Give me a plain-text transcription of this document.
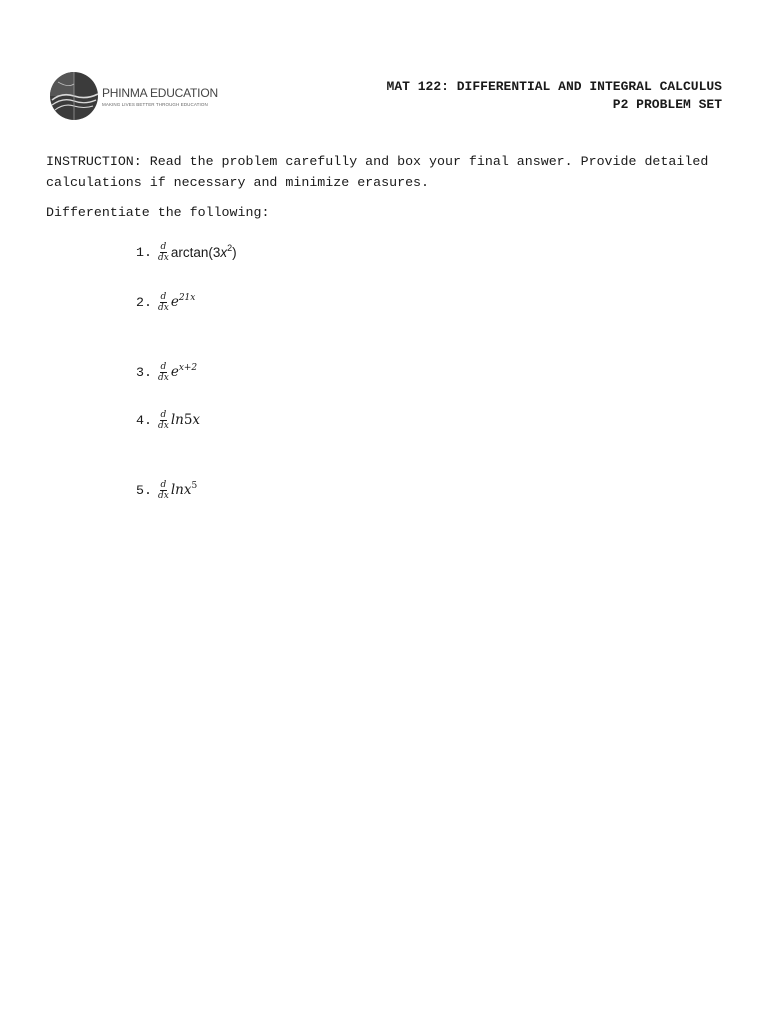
PHINMA EDUCATION
MAKING LIVES BETTER THROUGH EDUCATION
MAT 122: DIFFERENTIAL AND INTEGRAL CALCULUS
P2 PROBLEM SET
INSTRUCTION: Read the problem carefully and box your final answer. Provide detailed calculations if necessary and minimize erasures.
Differentiate the following:
1. $\frac{d}{dx} \arctan(3x^2)$
2. $\frac{d}{dx} e^{21x}$
3. $\frac{d}{dx} e^{x+2}$
4. $\frac{d}{dx} \ln 5x$
5. $\frac{d}{dx} \ln x^5$
